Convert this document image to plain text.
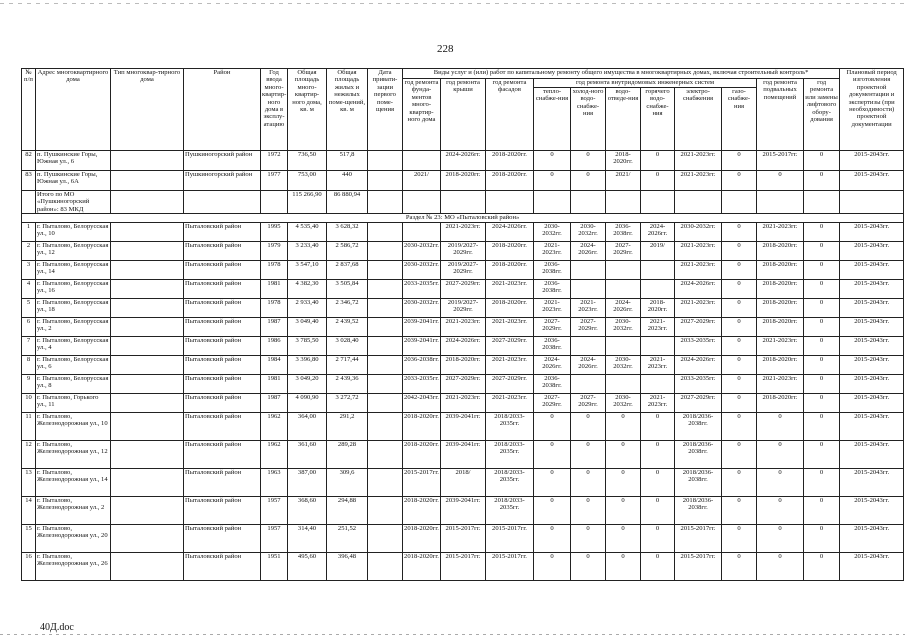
228
№ п/п	Адрес многоквартирного дома	Тип многоквар-тирного дома	Район	Год ввода много-квартир-ного дома в эксплу-атацию	Общая площадь много-квартир-ного дома, кв. м	Общая площадь жилых и нежилых поме-щений, кв. м	Дата привати-зации первого поме-щения	Виды услуг и (или) работ по капитальному ремонту общего имущества в многоквартирных домах, включая строительный контроль*											Плановый период изготовления проектной документации и экспертизы (при необходимости) проектной документации
								год ремонта фунда-ментов много-квартир-ного дома	год ремонта крыши	год ремонта фасадов	год ремонта внутридомовых инженерных систем						год ремонта подвальных помещений	год ремонта или замены лифтового обору-дования	
											тепло-снабже-ния	холод-ного водо-снабже-ния	водо-отведе-ния	горячего водо-снабже-ния	электро-снабжения	газо-снабже-ния			
82	п. Пушкинские Горы, Южная ул., 6		Пушкиногорский район	1972	736,50	517,8			2024-2026гг.	2018-2020гг.	0	0	2018-2020гг.	0	2021-2023гг.	0	2015-2017гг.	0	2015-2043гг.
83	п. Пушкинские Горы, Южная ул., 6А		Пушкиногорский район	1977	753,00	440		2021/	2018-2020гг.	2018-2020гг.	0	0	2021/	0	2021-2023гг.	0	0	0	2015-2043гг.
	Итого по МО «Пушкиногорский район»: 83 МКД				115 266,90	86 880,94													
Раздел № 23: МО «Пыталовский район»																			
1	г. Пыталово, Белорусская ул., 10		Пыталовский район	1995	4 535,40	3 628,32			2021-2023гг.	2024-2026гг.	2030-2032гг.	2030-2032гг.	2036-2038гг.	2024-2026гг.	2030-2032гг.	0	2021-2023гг.	0	2015-2043гг.
2	г. Пыталово, Белорусская ул., 12		Пыталовский район	1979	3 233,40	2 586,72		2030-2032гг.	2019/2027-2029гг.	2018-2020гг.	2021-2023гг.	2024-2026гг.	2027-2029гг.	2019/	2021-2023гг.	0	2018-2020гг.	0	2015-2043гг.
3	г. Пыталово, Белорусская ул., 14		Пыталовский район	1978	3 547,10	2 837,68		2030-2032гг.	2019/2027-2029гг.	2018-2020гг.	2036-2038гг.				2021-2023гг.	0	2018-2020гг.	0	2015-2043гг.
4	г. Пыталово, Белорусская ул., 16		Пыталовский район	1981	4 382,30	3 505,84		2033-2035гг.	2027-2029гг.	2021-2023гг.	2036-2038гг.				2024-2026гг.	0	2018-2020гг.	0	2015-2043гг.
5	г. Пыталово, Белорусская ул., 18		Пыталовский район	1978	2 933,40	2 346,72		2030-2032гг.	2019/2027-2029гг.	2018-2020гг.	2021-2023гг.	2021-2023гг.	2024-2026гг.	2018-2020гг.	2021-2023гг.	0	2018-2020гг.	0	2015-2043гг.
6	г. Пыталово, Белорусская ул., 2		Пыталовский район	1987	3 049,40	2 439,52		2039-2041гг.	2021-2023гг.	2021-2023гг.	2027-2029гг.	2027-2029гг.	2030-2032гг.	2021-2023гг.	2027-2029гг.	0	2018-2020гг.	0	2015-2043гг.
7	г. Пыталово, Белорусская ул., 4		Пыталовский район	1986	3 785,50	3 028,40		2039-2041гг.	2024-2026гг.	2027-2029гг.	2036-2038гг.				2033-2035гг.	0	2021-2023гг.	0	2015-2043гг.
8	г. Пыталово, Белорусская ул., 6		Пыталовский район	1984	3 396,80	2 717,44		2036-2038гг.	2018-2020гг.	2021-2023гг.	2024-2026гг.	2024-2026гг.	2030-2032гг.	2021-2023гг.	2024-2026гг.	0	2018-2020гг.	0	2015-2043гг.
9	г. Пыталово, Белорусская ул., 8		Пыталовский район	1981	3 049,20	2 439,36		2033-2035гг.	2027-2029гг.	2027-2029гг.	2036-2038гг.				2033-2035гг.	0	2021-2023гг.	0	2015-2043гг.
10	г. Пыталово, Горького ул., 11		Пыталовский район	1987	4 090,90	3 272,72		2042-2043гг.	2021-2023гг.	2021-2023гг.	2027-2029гг.	2027-2029гг.	2030-2032гг.	2021-2023гг.	2027-2029гг.	0	2018-2020гг.	0	2015-2043гг.
11	г. Пыталово, Железнодорожная ул., 10		Пыталовский район	1962	364,00	291,2		2018-2020гг.	2039-2041гг.	2018/2033-2035гг.	0	0	0	0	2018/2036-2038гг.	0	0	0	2015-2043гг.
12	г. Пыталово, Железнодорожная ул., 12		Пыталовский район	1962	361,60	289,28		2018-2020гг.	2039-2041гг.	2018/2033-2035гг.	0	0	0	0	2018/2036-2038гг.	0	0	0	2015-2043гг.
13	г. Пыталово, Железнодорожная ул., 14		Пыталовский район	1963	387,00	309,6		2015-2017гг.	2018/	2018/2033-2035гг.	0	0	0	0	2018/2036-2038гг.	0	0	0	2015-2043гг.
14	г. Пыталово, Железнодорожная ул., 2		Пыталовский район	1957	368,60	294,88		2018-2020гг.	2039-2041гг.	2018/2033-2035гг.	0	0	0	0	2018/2036-2038гг.	0	0	0	2015-2043гг.
15	г. Пыталово, Железнодорожная ул., 20		Пыталовский район	1957	314,40	251,52		2018-2020гг.	2015-2017гг.	2015-2017гг.	0	0	0	0	2015-2017гг.	0	0	0	2015-2043гг.
16	г. Пыталово, Железнодорожная ул., 26		Пыталовский район	1951	495,60	396,48		2018-2020гг.	2015-2017гг.	2015-2017гг.	0	0	0	0	2015-2017гг.	0	0	0	2015-2043гг.
40Д.doc
